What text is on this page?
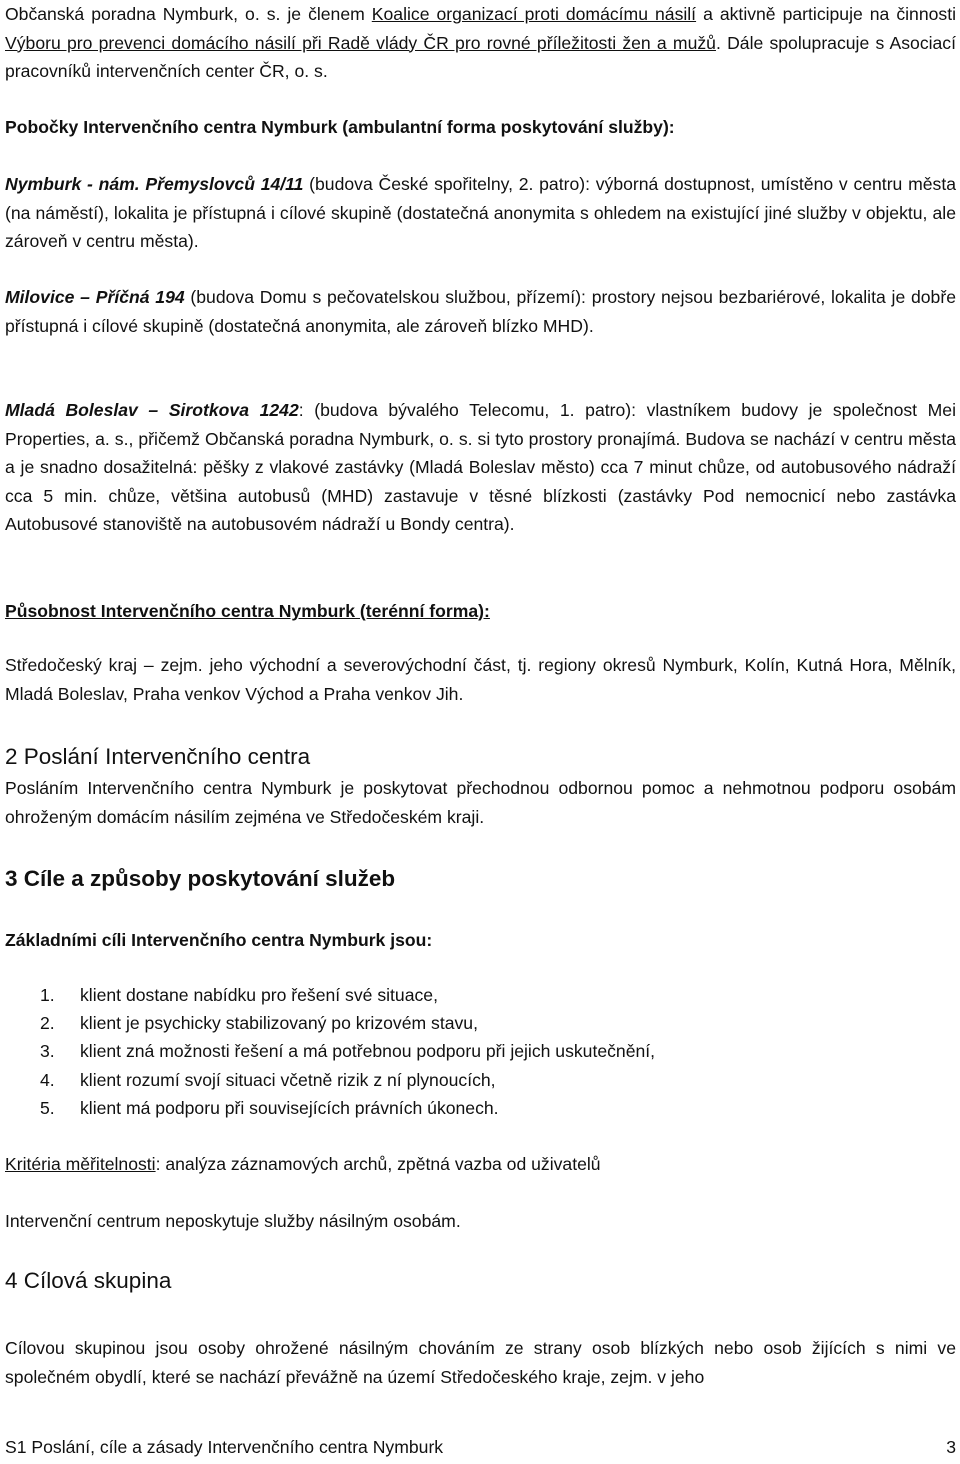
Občanská poradna Nymburk, o. s. je členem Koalice organizací proti domácímu násilí a aktivně participuje na činnosti Výboru pro prevenci domácího násilí při Radě vlády ČR pro rovné příležitosti žen a mužů. Dále spolupracuje s Asociací pracovníků intervenčních center ČR, o. s.

Pobočky Intervenčního centra Nymburk (ambulantní forma poskytování služby):

Nymburk - nám. Přemyslovců 14/11 (budova České spořitelny, 2. patro): výborná dostupnost, umístěno v centru města (na náměstí), lokalita je přístupná i cílové skupině (dostatečná anonymita s ohledem na existující jiné služby v objektu, ale zároveň v centru města).

Milovice – Příčná 194 (budova Domu s pečovatelskou službou, přízemí): prostory nejsou bezbariérové, lokalita je dobře přístupná i cílové skupině (dostatečná anonymita, ale zároveň blízko MHD).

Mladá Boleslav – Sirotkova 1242: (budova bývalého Telecomu, 1. patro): vlastníkem budovy je společnost Mei Properties, a. s., přičemž Občanská poradna Nymburk, o. s. si tyto prostory pronajímá. Budova se nachází v centru města a je snadno dosažitelná: pěšky z vlakové zastávky (Mladá Boleslav město) cca 7 minut chůze, od autobusového nádraží cca 5 min. chůze, většina autobusů (MHD) zastavuje v těsné blízkosti (zastávky Pod nemocnicí nebo zastávka Autobusové stanoviště na autobusovém nádraží u Bondy centra).

Působnost Intervenčního centra Nymburk (terénní forma):

Středočeský kraj – zejm. jeho východní a severovýchodní část, tj. regiony okresů Nymburk, Kolín, Kutná Hora, Mělník, Mladá Boleslav, Praha venkov Východ a Praha venkov Jih.

2 Poslání Intervenčního centra

Posláním Intervenčního centra Nymburk je poskytovat přechodnou odbornou pomoc a nehmotnou podporu osobám ohroženým domácím násilím zejména ve Středočeském kraji.

3 Cíle a způsoby poskytování služeb
Základními cíli Intervenčního centra Nymburk jsou:
1. klient dostane nabídku pro řešení své situace,
2. klient je psychicky stabilizovaný po krizovém stavu,
3. klient zná možnosti řešení a má potřebnou podporu při jejich uskutečnění,
4. klient rozumí svojí situaci včetně rizik z ní plynoucích,
5. klient má podporu při souvisejících právních úkonech.

Kritéria měřitelnosti: analýza záznamových archů, zpětná vazba od uživatelů

Intervenční centrum neposkytuje služby násilným osobám.

4 Cílová skupina

Cílovou skupinou jsou osoby ohrožené násilným chováním ze strany osob blízkých nebo osob žijících s nimi ve společném obydlí, které se nachází převážně na území Středočeského kraje, zejm. v jeho

S1 Poslání, cíle a zásady Intervenčního centra Nymburk	3
